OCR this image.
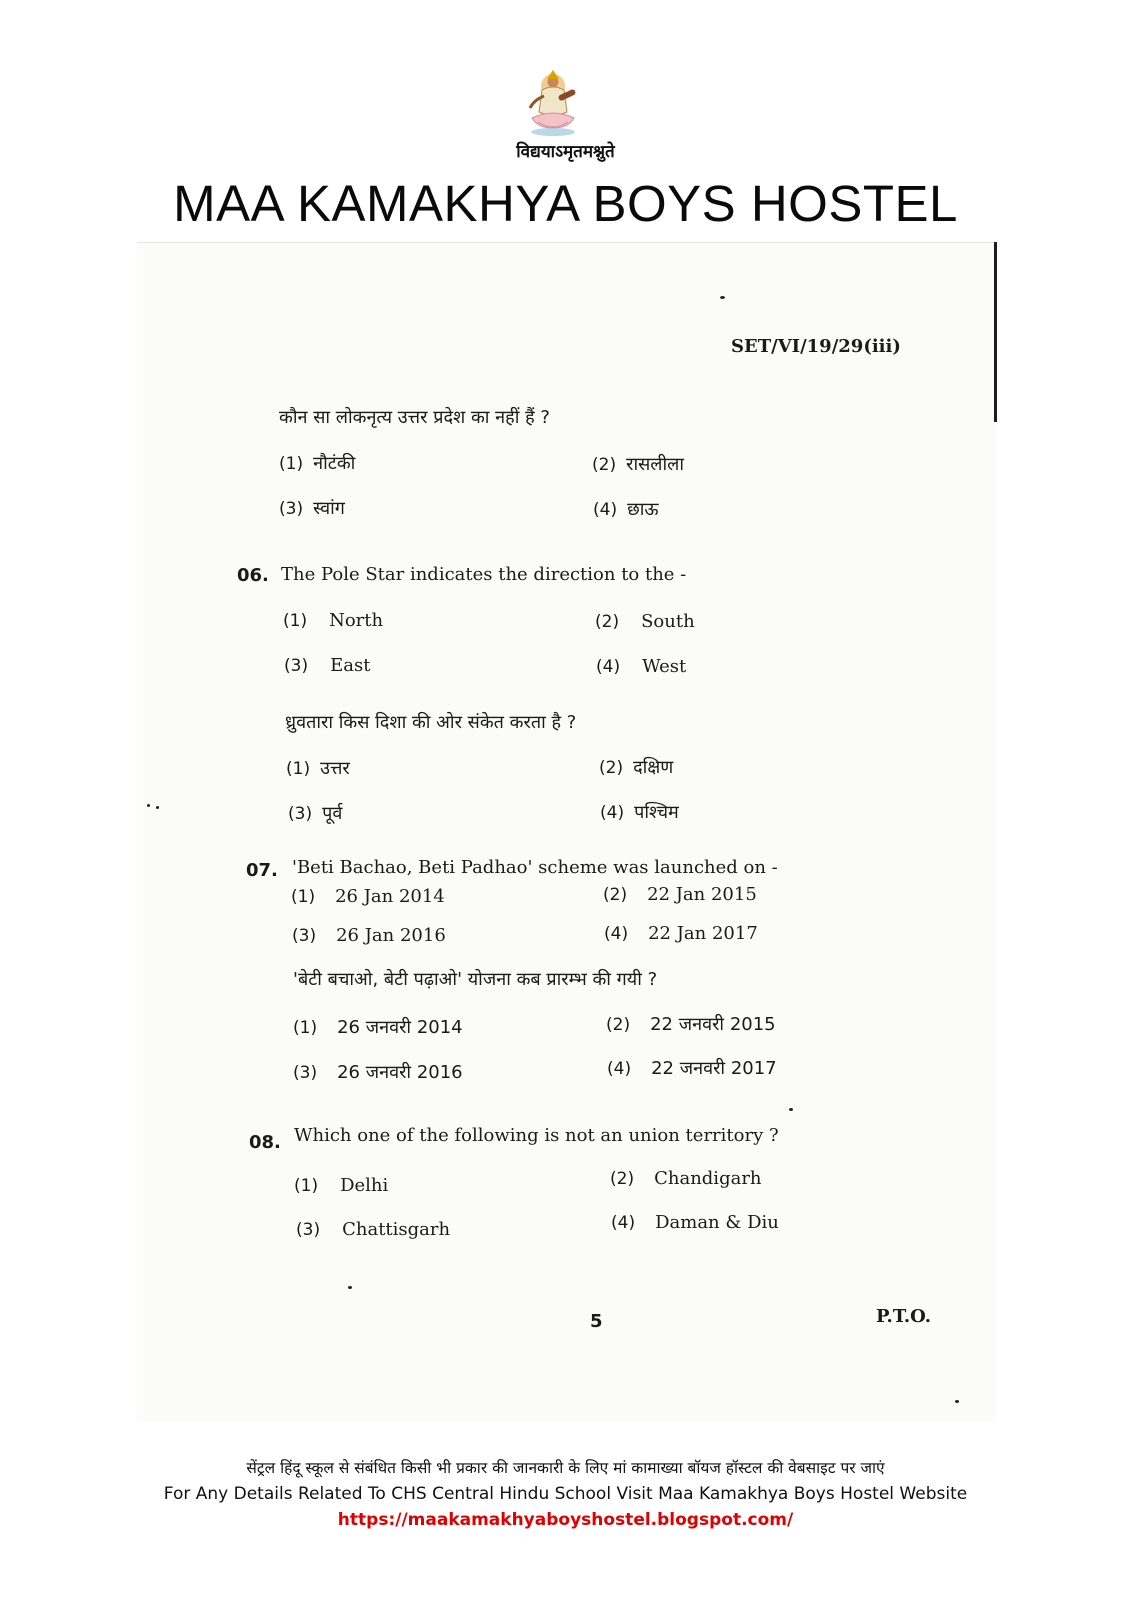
विद्ययाऽमृतमश्नुते
MAA KAMAKHYA BOYS HOSTEL
SET/VI/19/29(iii)
कौन सा लोकनृत्य उत्तर प्रदेश का नहीं हैं ?
(1) नौटंकी	(2) रासलीला
(3) स्वांग	(4) छाऊ
06. The Pole Star indicates the direction to the -
(1) North	(2) South
(3) East	(4) West
ध्रुवतारा किस दिशा की ओर संकेत करता है ?
(1) उत्तर	(2) दक्षिण
(3) पूर्व	(4) पश्चिम
07. 'Beti Bachao, Beti Padhao' scheme was launched on -
(1) 26 Jan 2014	(2) 22 Jan 2015
(3) 26 Jan 2016	(4) 22 Jan 2017
'बेटी बचाओ, बेटी पढ़ाओ' योजना कब प्रारम्भ की गयी ?
(1) 26 जनवरी 2014	(2) 22 जनवरी 2015
(3) 26 जनवरी 2016	(4) 22 जनवरी 2017
08. Which one of the following is not an union territory ?
(1) Delhi	(2) Chandigarh
(3) Chattisgarh	(4) Daman & Diu
5	P.T.O.
सेंट्रल हिंदू स्कूल से संबंधित किसी भी प्रकार की जानकारी के लिए मां कामाख्या बॉयज हॉस्टल की वेबसाइट पर जाएं
For Any Details Related To CHS Central Hindu School Visit Maa Kamakhya Boys Hostel Website
https://maakamakhyaboyshostel.blogspot.com/
